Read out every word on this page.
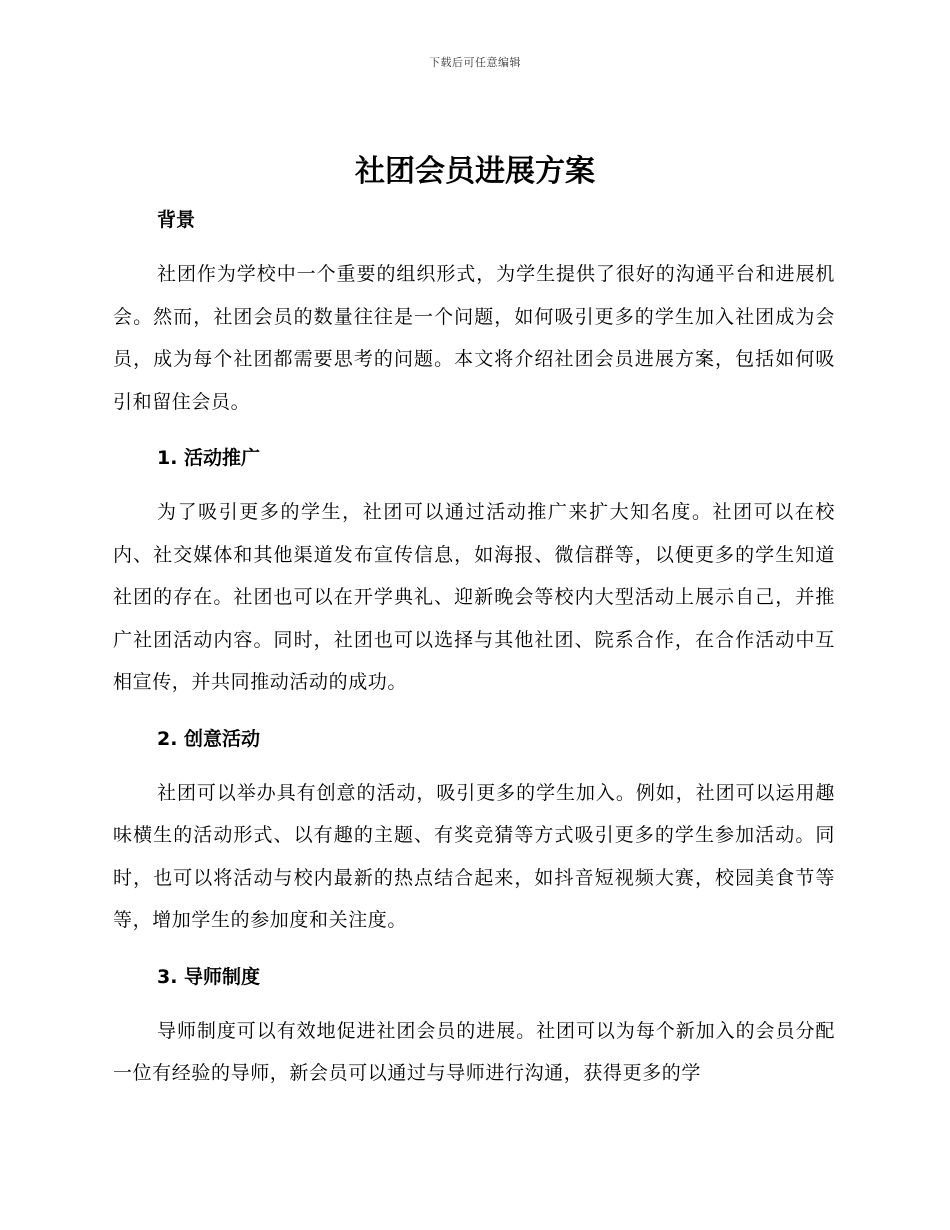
下载后可任意编辑
社团会员进展方案
背景

社团作为学校中一个重要的组织形式，为学生提供了很好的沟通平台和进展机会。然而，社团会员的数量往往是一个问题，如何吸引更多的学生加入社团成为会员，成为每个社团都需要思考的问题。本文将介绍社团会员进展方案，包括如何吸引和留住会员。

1. 活动推广

为了吸引更多的学生，社团可以通过活动推广来扩大知名度。社团可以在校内、社交媒体和其他渠道发布宣传信息，如海报、微信群等，以便更多的学生知道社团的存在。社团也可以在开学典礼、迎新晚会等校内大型活动上展示自己，并推广社团活动内容。同时，社团也可以选择与其他社团、院系合作，在合作活动中互相宣传，并共同推动活动的成功。

2. 创意活动

社团可以举办具有创意的活动，吸引更多的学生加入。例如，社团可以运用趣味横生的活动形式、以有趣的主题、有奖竞猜等方式吸引更多的学生参加活动。同时，也可以将活动与校内最新的热点结合起来，如抖音短视频大赛，校园美食节等等，增加学生的参加度和关注度。

3. 导师制度

导师制度可以有效地促进社团会员的进展。社团可以为每个新加入的会员分配一位有经验的导师，新会员可以通过与导师进行沟通，获得更多的学
